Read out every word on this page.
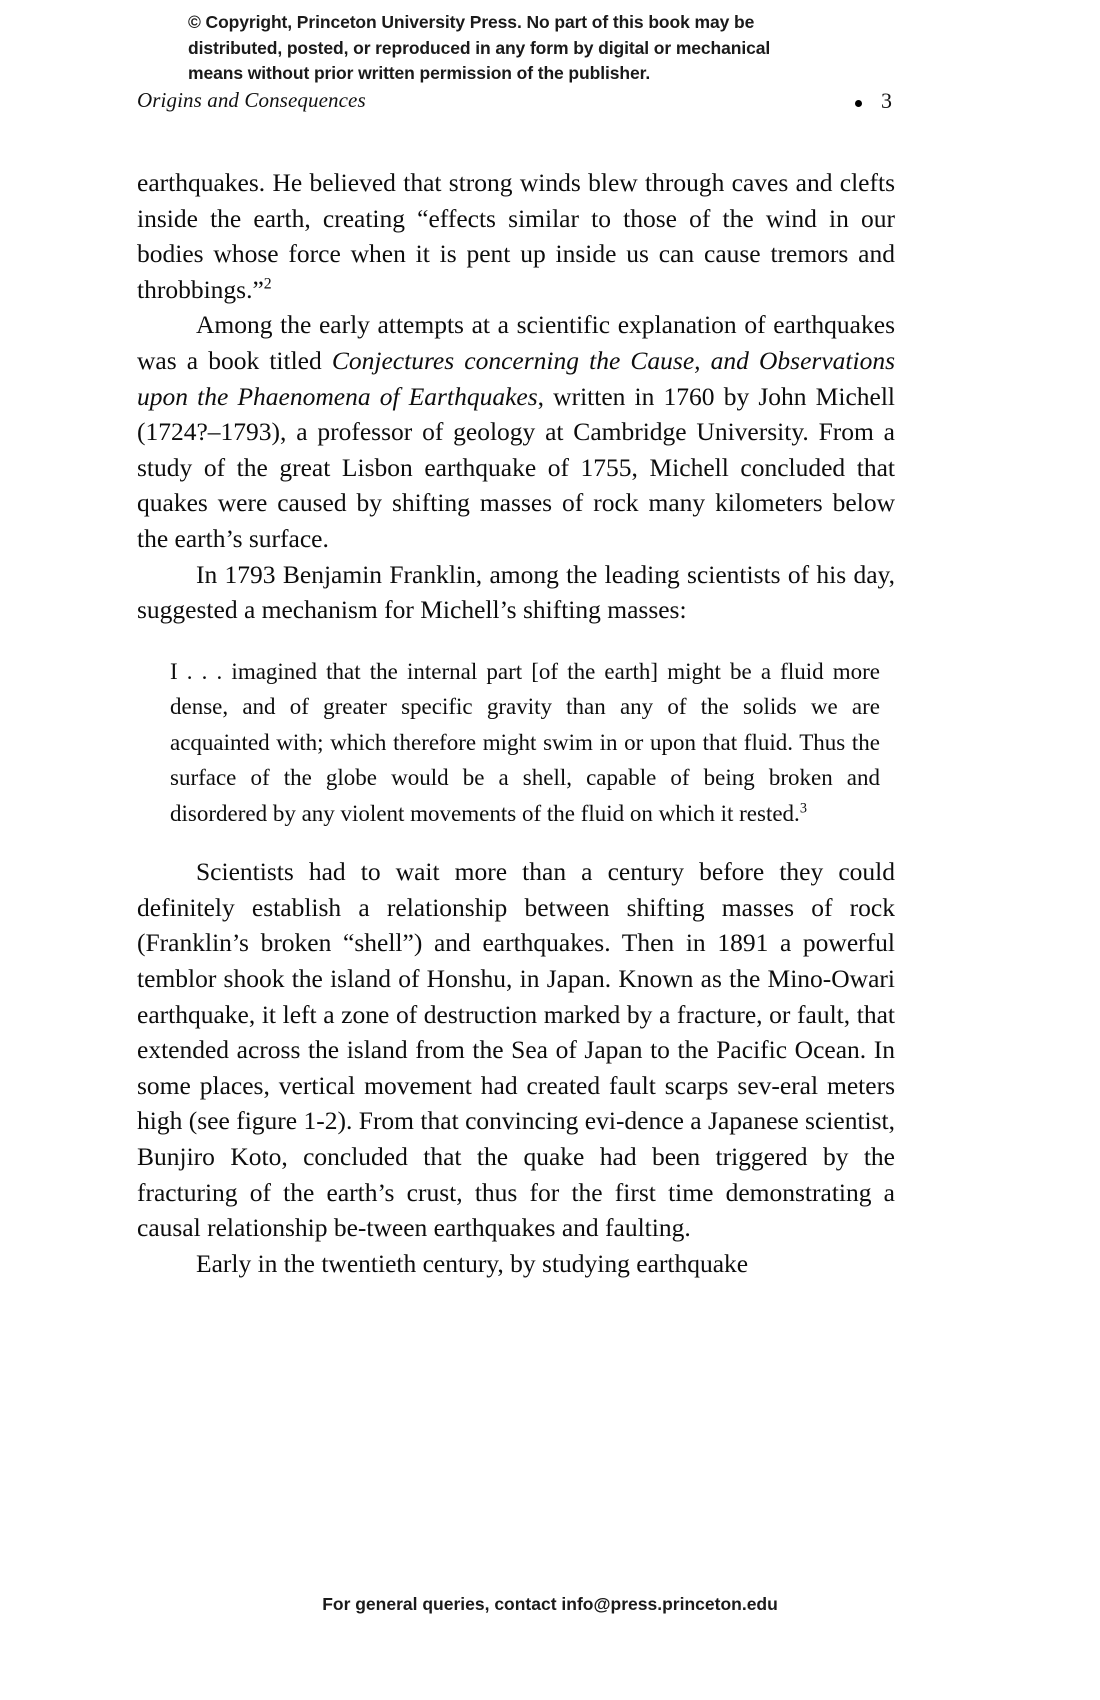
© Copyright, Princeton University Press. No part of this book may be
distributed, posted, or reproduced in any form by digital or mechanical
means without prior written permission of the publisher.
Origins and Consequences	3

earthquakes. He believed that strong winds blew through caves and clefts inside the earth, creating “effects similar to those of the wind in our bodies whose force when it is pent up inside us can cause tremors and throbbings.”$^2$

Among the early attempts at a scientific explanation of earthquakes was a book titled Conjectures concerning the Cause, and Observations upon the Phaenomena of Earthquakes, written in 1760 by John Michell (1724?–1793), a professor of geology at Cambridge University. From a study of the great Lisbon earthquake of 1755, Michell concluded that quakes were caused by shifting masses of rock many kilometers below the earth’s surface.

In 1793 Benjamin Franklin, among the leading scientists of his day, suggested a mechanism for Michell’s shifting masses:

I . . . imagined that the internal part [of the earth] might be a fluid more dense, and of greater specific gravity than any of the solids we are acquainted with; which therefore might swim in or upon that fluid. Thus the surface of the globe would be a shell, capable of being broken and disordered by any violent movements of the fluid on which it rested.$^3$

Scientists had to wait more than a century before they could definitely establish a relationship between shifting masses of rock (Franklin’s broken “shell”) and earthquakes. Then in 1891 a powerful temblor shook the island of Honshu, in Japan. Known as the Mino-Owari earthquake, it left a zone of destruction marked by a fracture, or fault, that extended across the island from the Sea of Japan to the Pacific Ocean. In some places, vertical movement had created fault scarps sev-eral meters high (see figure 1-2). From that convincing evi-dence a Japanese scientist, Bunjiro Koto, concluded that the quake had been triggered by the fracturing of the earth’s crust, thus for the first time demonstrating a causal relationship be-tween earthquakes and faulting.

Early in the twentieth century, by studying earthquake

For general queries, contact info@press.princeton.edu
